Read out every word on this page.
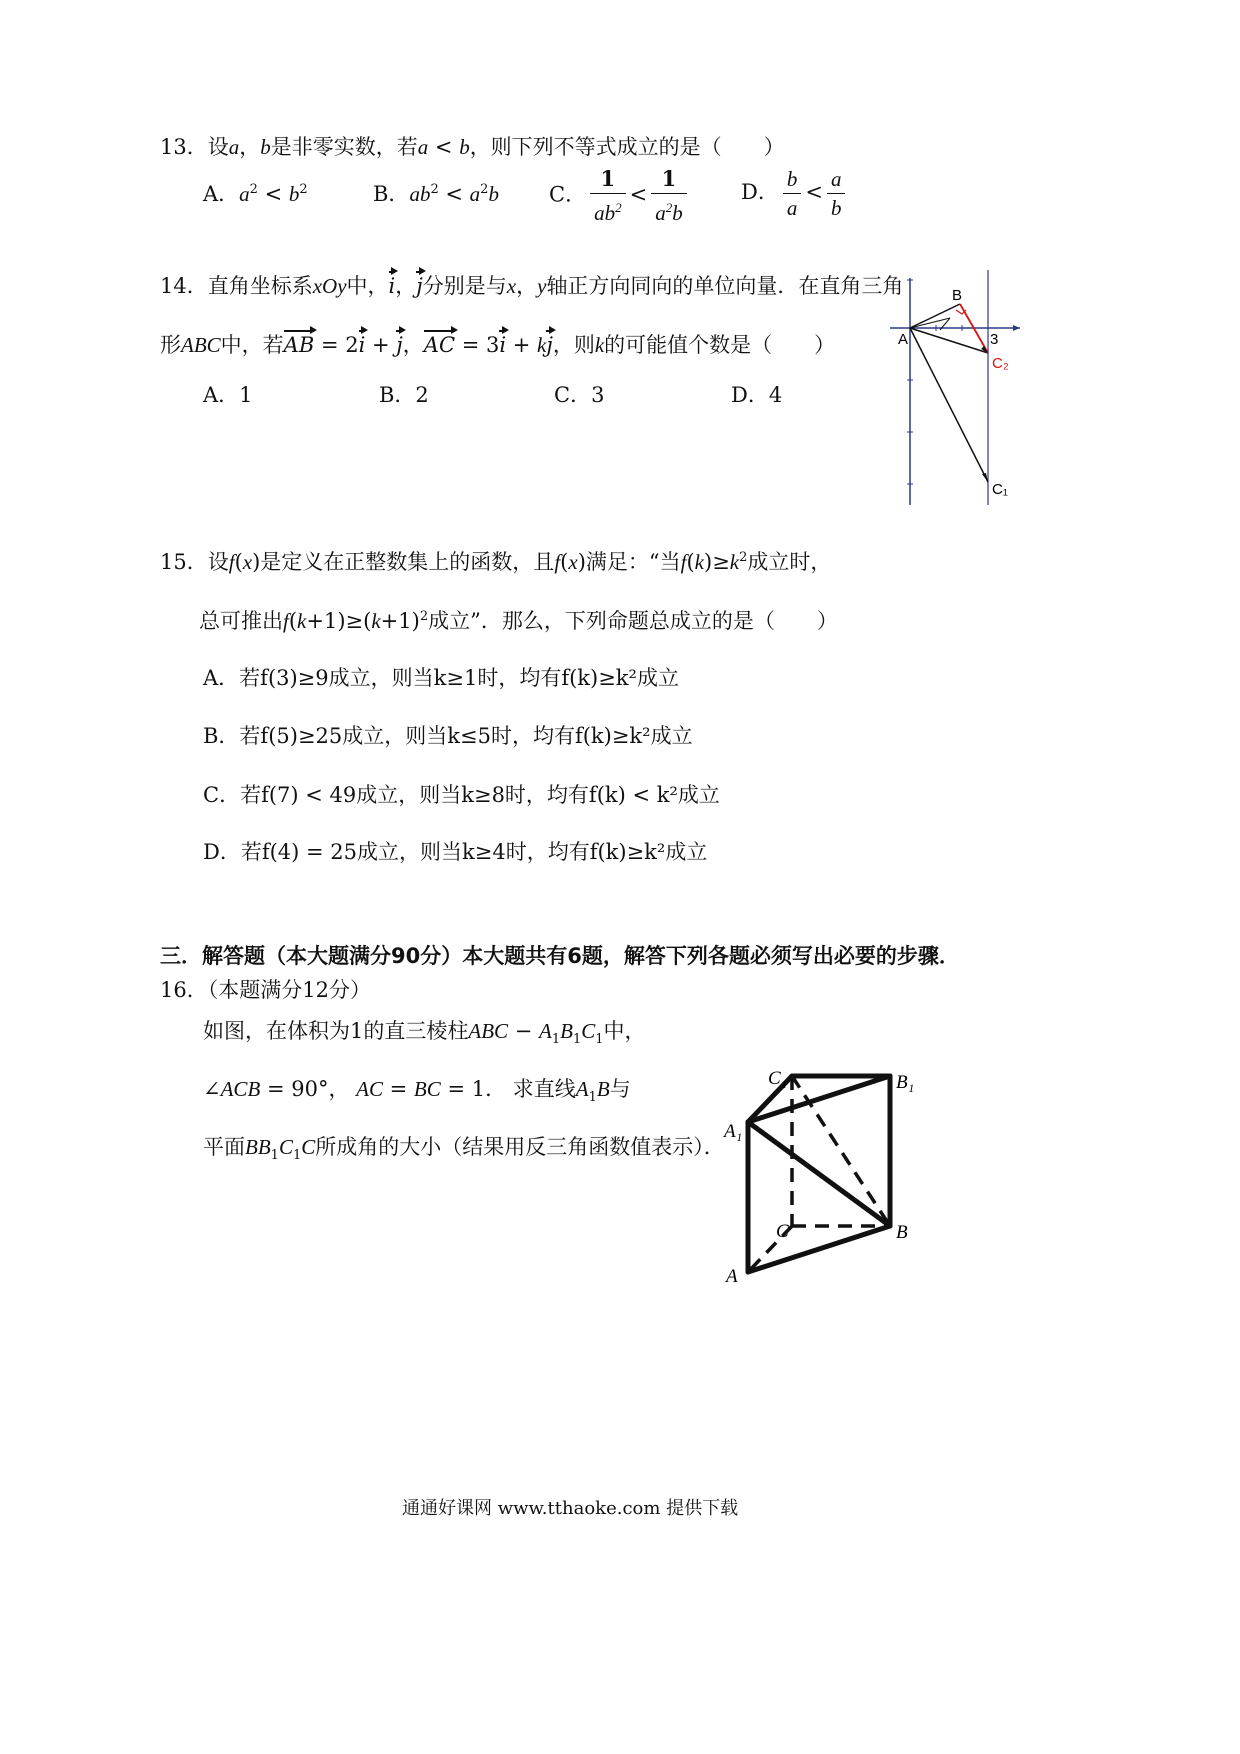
13．设a，b是非零实数，若a < b，则下列不等式成立的是（　　）
A．$a^2 < b^2$	B．$ab^2 < a^2b$ C． $\frac{1}{ab^2} < \frac{1}{a^2b}$	D． $\frac{b}{a} < \frac{a}{b}$
14．直角坐标系xOy中，i，j分别是与x，y轴正方向同向的单位向量．在直角三角
形ABC中，若AB = 2i + j，AC = 3i + kj，则k的可能值个数是（　　）
A．1	B．2	C．3	D．4
A
B
3
C₂
C₁
15．设f(x)是定义在正整数集上的函数，且f(x)满足：“当$f(k)\ge k^2$成立时，
总可推出$f(k+1)\ge(k+1)^2$成立”．那么，下列命题总成立的是（　　）
A．若f(3)≥9成立，则当k≥1时，均有f(k)≥k²成立
B．若f(5)≥25成立，则当k≤5时，均有f(k)≥k²成立
C．若f(7) < 49成立，则当k≥8时，均有f(k) < k²成立
D．若f(4) = 25成立，则当k≥4时，均有f(k)≥k²成立
三．解答题（本大题满分90分）本大题共有6题，解答下列各题必须写出必要的步骤．
16．（本题满分12分）
如图，在体积为1的直三棱柱ABC − $A_1B_1C_1$中，
∠ACB = 90°， AC = BC = 1． 求直线$A_1B$与
平面$BB_1C_1C$所成角的大小（结果用反三角函数值表示）．
C₁	B₁
A₁
C	B
A
通通好课网 www.tthaoke.com 提供下载
